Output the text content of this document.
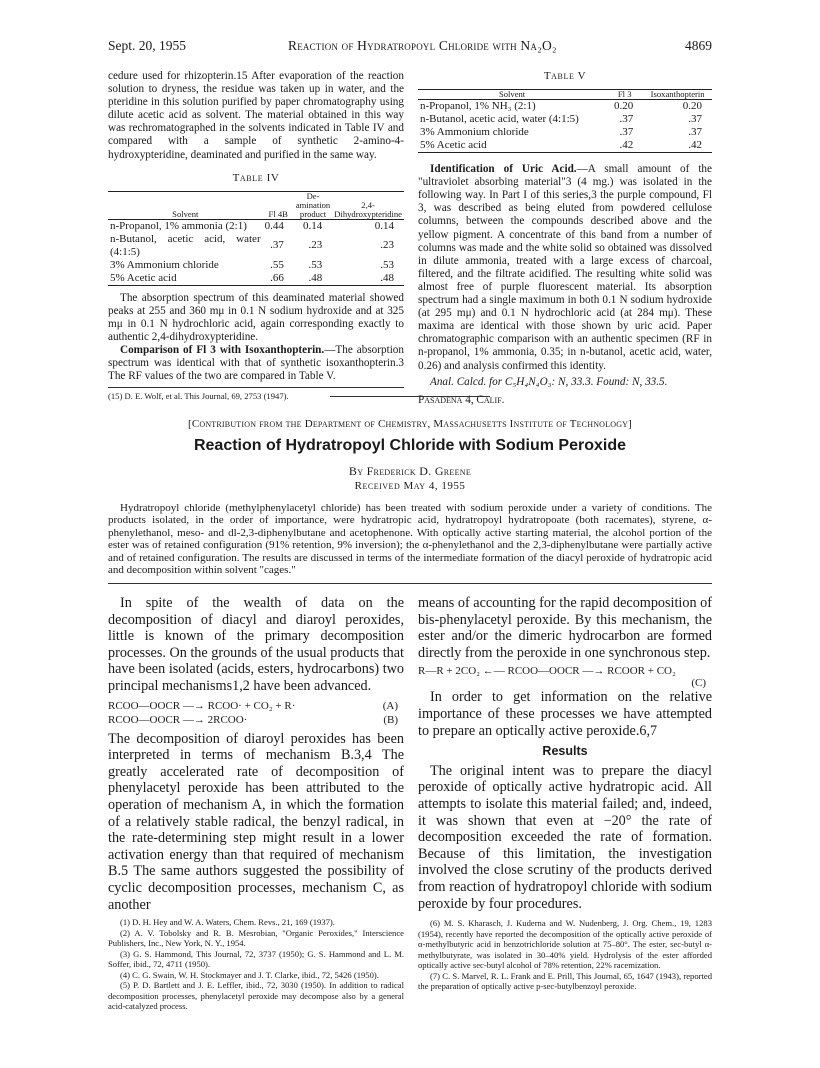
Sept. 20, 1955	Reaction of Hydratropoyl Chloride with Na₂O₂	4869

cedure used for rhizopterin.15 After evaporation of the reaction solution to dryness, the residue was taken up in water, and the pteridine in this solution purified by paper chromatography using dilute acetic acid as solvent. The material obtained in this way was rechromatographed in the solvents indicated in Table IV and compared with a sample of synthetic 2-amino-4-hydroxypteridine, deaminated and purified in the same way.

Table IV
Solvent	Fl 4B	De-amination product	2,4-Dihydroxypteridine
n-Propanol, 1% ammonia (2:1)	0.44	0.14	0.14
n-Butanol, acetic acid, water (4:1:5)	.37	.23	.23
3% Ammonium chloride	.55	.53	.53
5% Acetic acid	.66	.48	.48

The absorption spectrum of this deaminated material showed peaks at 255 and 360 mμ in 0.1 N sodium hydroxide and at 325 mμ in 0.1 N hydrochloric acid, again corresponding exactly to authentic 2,4-dihydroxypteridine.

Comparison of Fl 3 with Isoxanthopterin.—The absorption spectrum was identical with that of synthetic isoxanthopterin.3 The RF values of the two are compared in Table V.

(15) D. E. Wolf, et al. This Journal, 69, 2753 (1947).

Table V
Solvent	Fl 3	Isoxanthopterin
n-Propanol, 1% NH₃ (2:1)	0.20	0.20
n-Butanol, acetic acid, water (4:1:5)	.37	.37
3% Ammonium chloride	.37	.37
5% Acetic acid	.42	.42

Identification of Uric Acid.—A small amount of the "ultraviolet absorbing material"3 (4 mg.) was isolated in the following way. In Part I of this series,3 the purple compound, Fl 3, was described as being eluted from powdered cellulose columns, between the compounds described above and the yellow pigment. A concentrate of this band from a number of columns was made and the white solid so obtained was dissolved in dilute ammonia, treated with a large excess of charcoal, filtered, and the filtrate acidified. The resulting white solid was almost free of purple fluorescent material. Its absorption spectrum had a single maximum in both 0.1 N sodium hydroxide (at 295 mμ) and 0.1 N hydrochloric acid (at 284 mμ). These maxima are identical with those shown by uric acid. Paper chromatographic comparison with an authentic specimen (RF in n-propanol, 1% ammonia, 0.35; in n-butanol, acetic acid, water, 0.26) and analysis confirmed this identity.

Anal. Calcd. for C₅H₄N₄O₃: N, 33.3. Found: N, 33.5.

Pasadena 4, Calif.

[Contribution from the Department of Chemistry, Massachusetts Institute of Technology]
Reaction of Hydratropoyl Chloride with Sodium Peroxide
By Frederick D. Greene
Received May 4, 1955

Hydratropoyl chloride (methylphenylacetyl chloride) has been treated with sodium peroxide under a variety of conditions. The products isolated, in the order of importance, were hydratropic acid, hydratropoyl hydratropoate (both racemates), styrene, α-phenylethanol, meso- and dl-2,3-diphenylbutane and acetophenone. With optically active starting material, the alcohol portion of the ester was of retained configuration (91% retention, 9% inversion); the α-phenylethanol and the 2,3-diphenylbutane were partially active and of retained configuration. The results are discussed in terms of the intermediate formation of the diacyl peroxide of hydratropic acid and decomposition within solvent "cages."

In spite of the wealth of data on the decomposition of diacyl and diaroyl peroxides, little is known of the primary decomposition processes. On the grounds of the usual products that have been isolated (acids, esters, hydrocarbons) two principal mechanisms1,2 have been advanced.

RCOO—OOCR —→ RCOO· + CO₂ + R·	(A)
RCOO—OOCR —→ 2RCOO·	(B)

The decomposition of diaroyl peroxides has been interpreted in terms of mechanism B.3,4 The greatly accelerated rate of decomposition of phenylacetyl peroxide has been attributed to the operation of mechanism A, in which the formation of a relatively stable radical, the benzyl radical, in the rate-determining step might result in a lower activation energy than that required of mechanism B.5 The same authors suggested the possibility of cyclic decomposition processes, mechanism C, as another

(1) D. H. Hey and W. A. Waters, Chem. Revs., 21, 169 (1937).

(2) A. V. Tobolsky and R. B. Mesrobian, "Organic Peroxides," Interscience Publishers, Inc., New York, N. Y., 1954.

(3) G. S. Hammond, This Journal, 72, 3737 (1950); G. S. Hammond and L. M. Soffer, ibid., 72, 4711 (1950).

(4) C. G. Swain, W. H. Stockmayer and J. T. Clarke, ibid., 72, 5426 (1950).

(5) P. D. Bartlett and J. E. Leffler, ibid., 72, 3030 (1950). In addition to radical decomposition processes, phenylacetyl peroxide may decompose also by a general acid-catalyzed process.

means of accounting for the rapid decomposition of bis-phenylacetyl peroxide. By this mechanism, the ester and/or the dimeric hydrocarbon are formed directly from the peroxide in one synchronous step.

R—R + 2CO₂ ←— RCOO—OOCR —→ RCOOR + CO₂
(C)

In order to get information on the relative importance of these processes we have attempted to prepare an optically active peroxide.6,7

Results

The original intent was to prepare the diacyl peroxide of optically active hydratropic acid. All attempts to isolate this material failed; and, indeed, it was shown that even at −20° the rate of decomposition exceeded the rate of formation. Because of this limitation, the investigation involved the close scrutiny of the products derived from reaction of hydratropoyl chloride with sodium peroxide by four procedures.

(6) M. S. Kharasch, J. Kuderna and W. Nudenberg, J. Org. Chem., 19, 1283 (1954), recently have reported the decomposition of the optically active peroxide of α-methylbutyric acid in benzotrichloride solution at 75–80°. The ester, sec-butyl α-methylbutyrate, was isolated in 30–40% yield. Hydrolysis of the ester afforded optically active sec-butyl alcohol of 78% retention, 22% racemization.

(7) C. S. Marvel, R. L. Frank and E. Prill, This Journal, 65, 1647 (1943), reported the preparation of optically active p-sec-butylbenzoyl peroxide.
